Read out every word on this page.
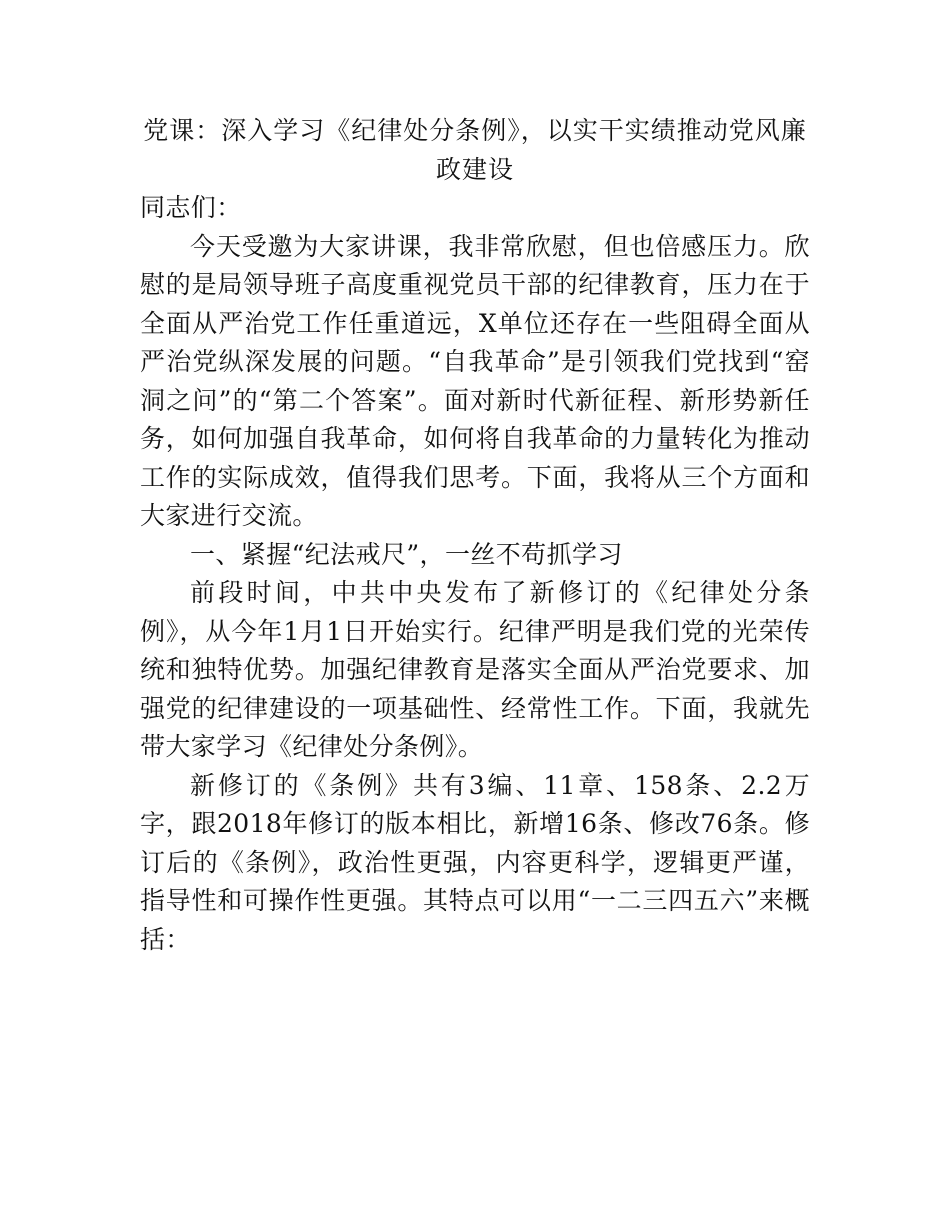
党课：深入学习《纪律处分条例》，以实干实绩推动党风廉政建设

同志们：

今天受邀为大家讲课，我非常欣慰，但也倍感压力。欣慰的是局领导班子高度重视党员干部的纪律教育，压力在于全面从严治党工作任重道远，X单位还存在一些阻碍全面从严治党纵深发展的问题。“自我革命”是引领我们党找到“窑洞之问”的“第二个答案”。面对新时代新征程、新形势新任务，如何加强自我革命，如何将自我革命的力量转化为推动工作的实际成效，值得我们思考。下面，我将从三个方面和大家进行交流。

一、紧握“纪法戒尺”，一丝不苟抓学习

前段时间，中共中央发布了新修订的《纪律处分条例》，从今年1月1日开始实行。纪律严明是我们党的光荣传统和独特优势。加强纪律教育是落实全面从严治党要求、加强党的纪律建设的一项基础性、经常性工作。下面，我就先带大家学习《纪律处分条例》。

新修订的《条例》共有3编、11章、158条、2.2万字，跟2018年修订的版本相比，新增16条、修改76条。修订后的《条例》，政治性更强，内容更科学，逻辑更严谨，指导性和可操作性更强。其特点可以用“一二三四五六”来概括：
